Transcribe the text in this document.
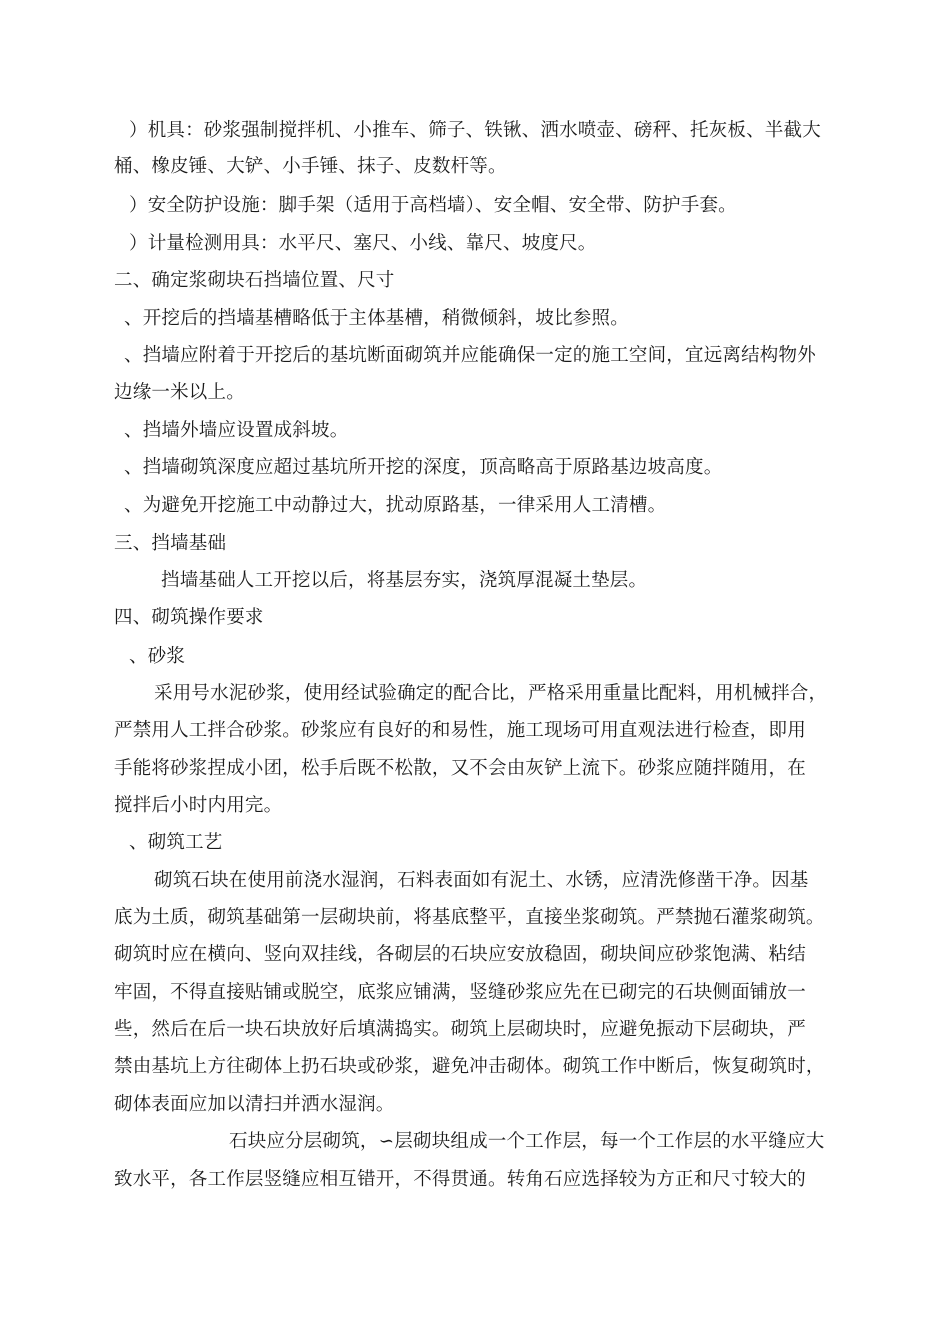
）机具：砂浆强制搅拌机、小推车、筛子、铁锹、洒水喷壶、磅秤、托灰板、半截大
桶、橡皮锤、大铲、小手锤、抹子、皮数杆等。
）安全防护设施：脚手架（适用于高档墙）、安全帽、安全带、防护手套。
）计量检测用具：水平尺、塞尺、小线、靠尺、坡度尺。
二、确定浆砌块石挡墙位置、尺寸
、开挖后的挡墙基槽略低于主体基槽，稍微倾斜，坡比参照。
、挡墙应附着于开挖后的基坑断面砌筑并应能确保一定的施工空间，宜远离结构物外
边缘一米以上。
、挡墙外墙应设置成斜坡。
、挡墙砌筑深度应超过基坑所开挖的深度，顶高略高于原路基边坡高度。
、为避免开挖施工中动静过大，扰动原路基，一律采用人工清槽。
三、挡墙基础
挡墙基础人工开挖以后，将基层夯实，浇筑厚混凝土垫层。
四、砌筑操作要求
、砂浆
采用号水泥砂浆，使用经试验确定的配合比，严格采用重量比配料，用机械拌合，
严禁用人工拌合砂浆。砂浆应有良好的和易性，施工现场可用直观法进行检查，即用
手能将砂浆捏成小团，松手后既不松散，又不会由灰铲上流下。砂浆应随拌随用，在
搅拌后小时内用完。
、砌筑工艺
砌筑石块在使用前浇水湿润，石料表面如有泥土、水锈，应清洗修凿干净。因基
底为土质，砌筑基础第一层砌块前，将基底整平，直接坐浆砌筑。严禁抛石灌浆砌筑。
砌筑时应在横向、竖向双挂线，各砌层的石块应安放稳固，砌块间应砂浆饱满、粘结
牢固，不得直接贴铺或脱空，底浆应铺满，竖缝砂浆应先在已砌完的石块侧面铺放一
些，然后在后一块石块放好后填满捣实。砌筑上层砌块时，应避免振动下层砌块，严
禁由基坑上方往砌体上扔石块或砂浆，避免冲击砌体。砌筑工作中断后，恢复砌筑时，
砌体表面应加以清扫并洒水湿润。
石块应分层砌筑，∽层砌块组成一个工作层，每一个工作层的水平缝应大
致水平，各工作层竖缝应相互错开，不得贯通。转角石应选择较为方正和尺寸较大的
